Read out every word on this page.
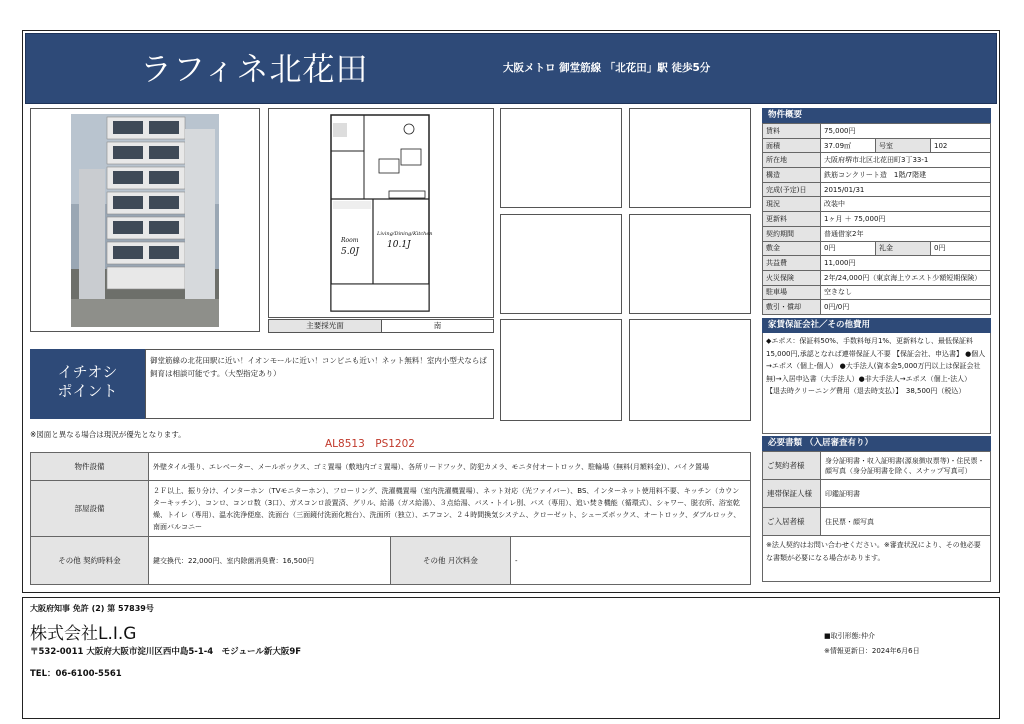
ラフィネ北花田	大阪メトロ 御堂筋線 「北花田」駅 徒歩5分
Room
5.0J
Living/Dining/Kitchen
10.1J
主要採光面	南
イチオシ
ポイント
御堂筋線の北花田駅に近い！イオンモールに近い！コンビニも近い！ネット無料！室内小型犬ならば飼育は相談可能です。（大型指定あり）
※図面と異なる場合は現況が優先となります。
AL8513　PS1202
物件設備	外壁タイル張り、エレベーター、メールボックス、ゴミ置場（敷地内ゴミ置場）、各所リードフック、防犯カメラ、モニタ付オートロック、駐輪場（無料(月額料金)）、バイク置場		
部屋設備	２Ｆ以上、振り分け、インターホン（TVモニターホン）、フローリング、洗濯機置場（室内洗濯機置場）、ネット対応（光ファイバー）、BS、インターネット使用料不要、キッチン（カウンターキッチン）、コンロ、コンロ数（3口）、ガスコンロ設置済、グリル、給湯（ガス給湯）、３点給湯、バス・トイレ別、バス（専用）、追い焚き機能（循環式）、シャワー、脱衣所、浴室乾燥、トイレ（専用）、温水洗浄便座、洗面台（三面鏡付洗面化粧台）、洗面所（独立）、エアコン、２４時間換気システム、クローゼット、シューズボックス、オートロック、ダブルロック、南面バルコニー		
その他 契約時料金	鍵交換代：22,000円、室内除菌消臭費：16,500円	その他 月次料金	-
物件概要
賃料	75,000円		
面積	37.09㎡	号室	102
所在地	大阪府堺市北区北花田町3丁33-1		
構造	鉄筋コンクリート造　1階/7階建		
完成(予定)日	2015/01/31		
現況	改装中		
更新料	1ヶ月 ＋ 75,000円		
契約期間	普通借家2年		
敷金	0円	礼金	0円
共益費	11,000円		
火災保険	2年/24,000円（東京海上ウエスト少額短期保険）		
駐車場	空きなし		
敷引・償却	0円/0円		
家賃保証会社／その他費用
◆エポス：保証料50%、手数料毎月1%、更新料なし、最低保証料15,000円,承認となれば連帯保証人不要 【保証会社、申込書】 ●個人→エポス（個上-個人） ●大手法人(資本金5,000万円以上は保証会社無)→入居申込書（大手法人）●非大手法人→エポス（個上-法人） 【退去時クリーニング費用（退去時支払）】　38,500円（税込）
必要書類 （入居審査有り）
ご契約者様	身分証明書・収入証明書(源泉徴収票等)・住民票・顔写真（身分証明書を除く、スナップ写真可）
連帯保証人様	印鑑証明書
ご入居者様	住民票・顔写真
※法人契約はお問い合わせください。※審査状況により、その他必要な書類が必要になる場合があります。
大阪府知事 免許 (2) 第 57839号
株式会社L.I.G
〒532-0011 大阪府大阪市淀川区西中島5-1-4　モジュール新大阪9F
TEL：06-6100-5561
■取引形態:仲介
※情報更新日：2024年6月6日
